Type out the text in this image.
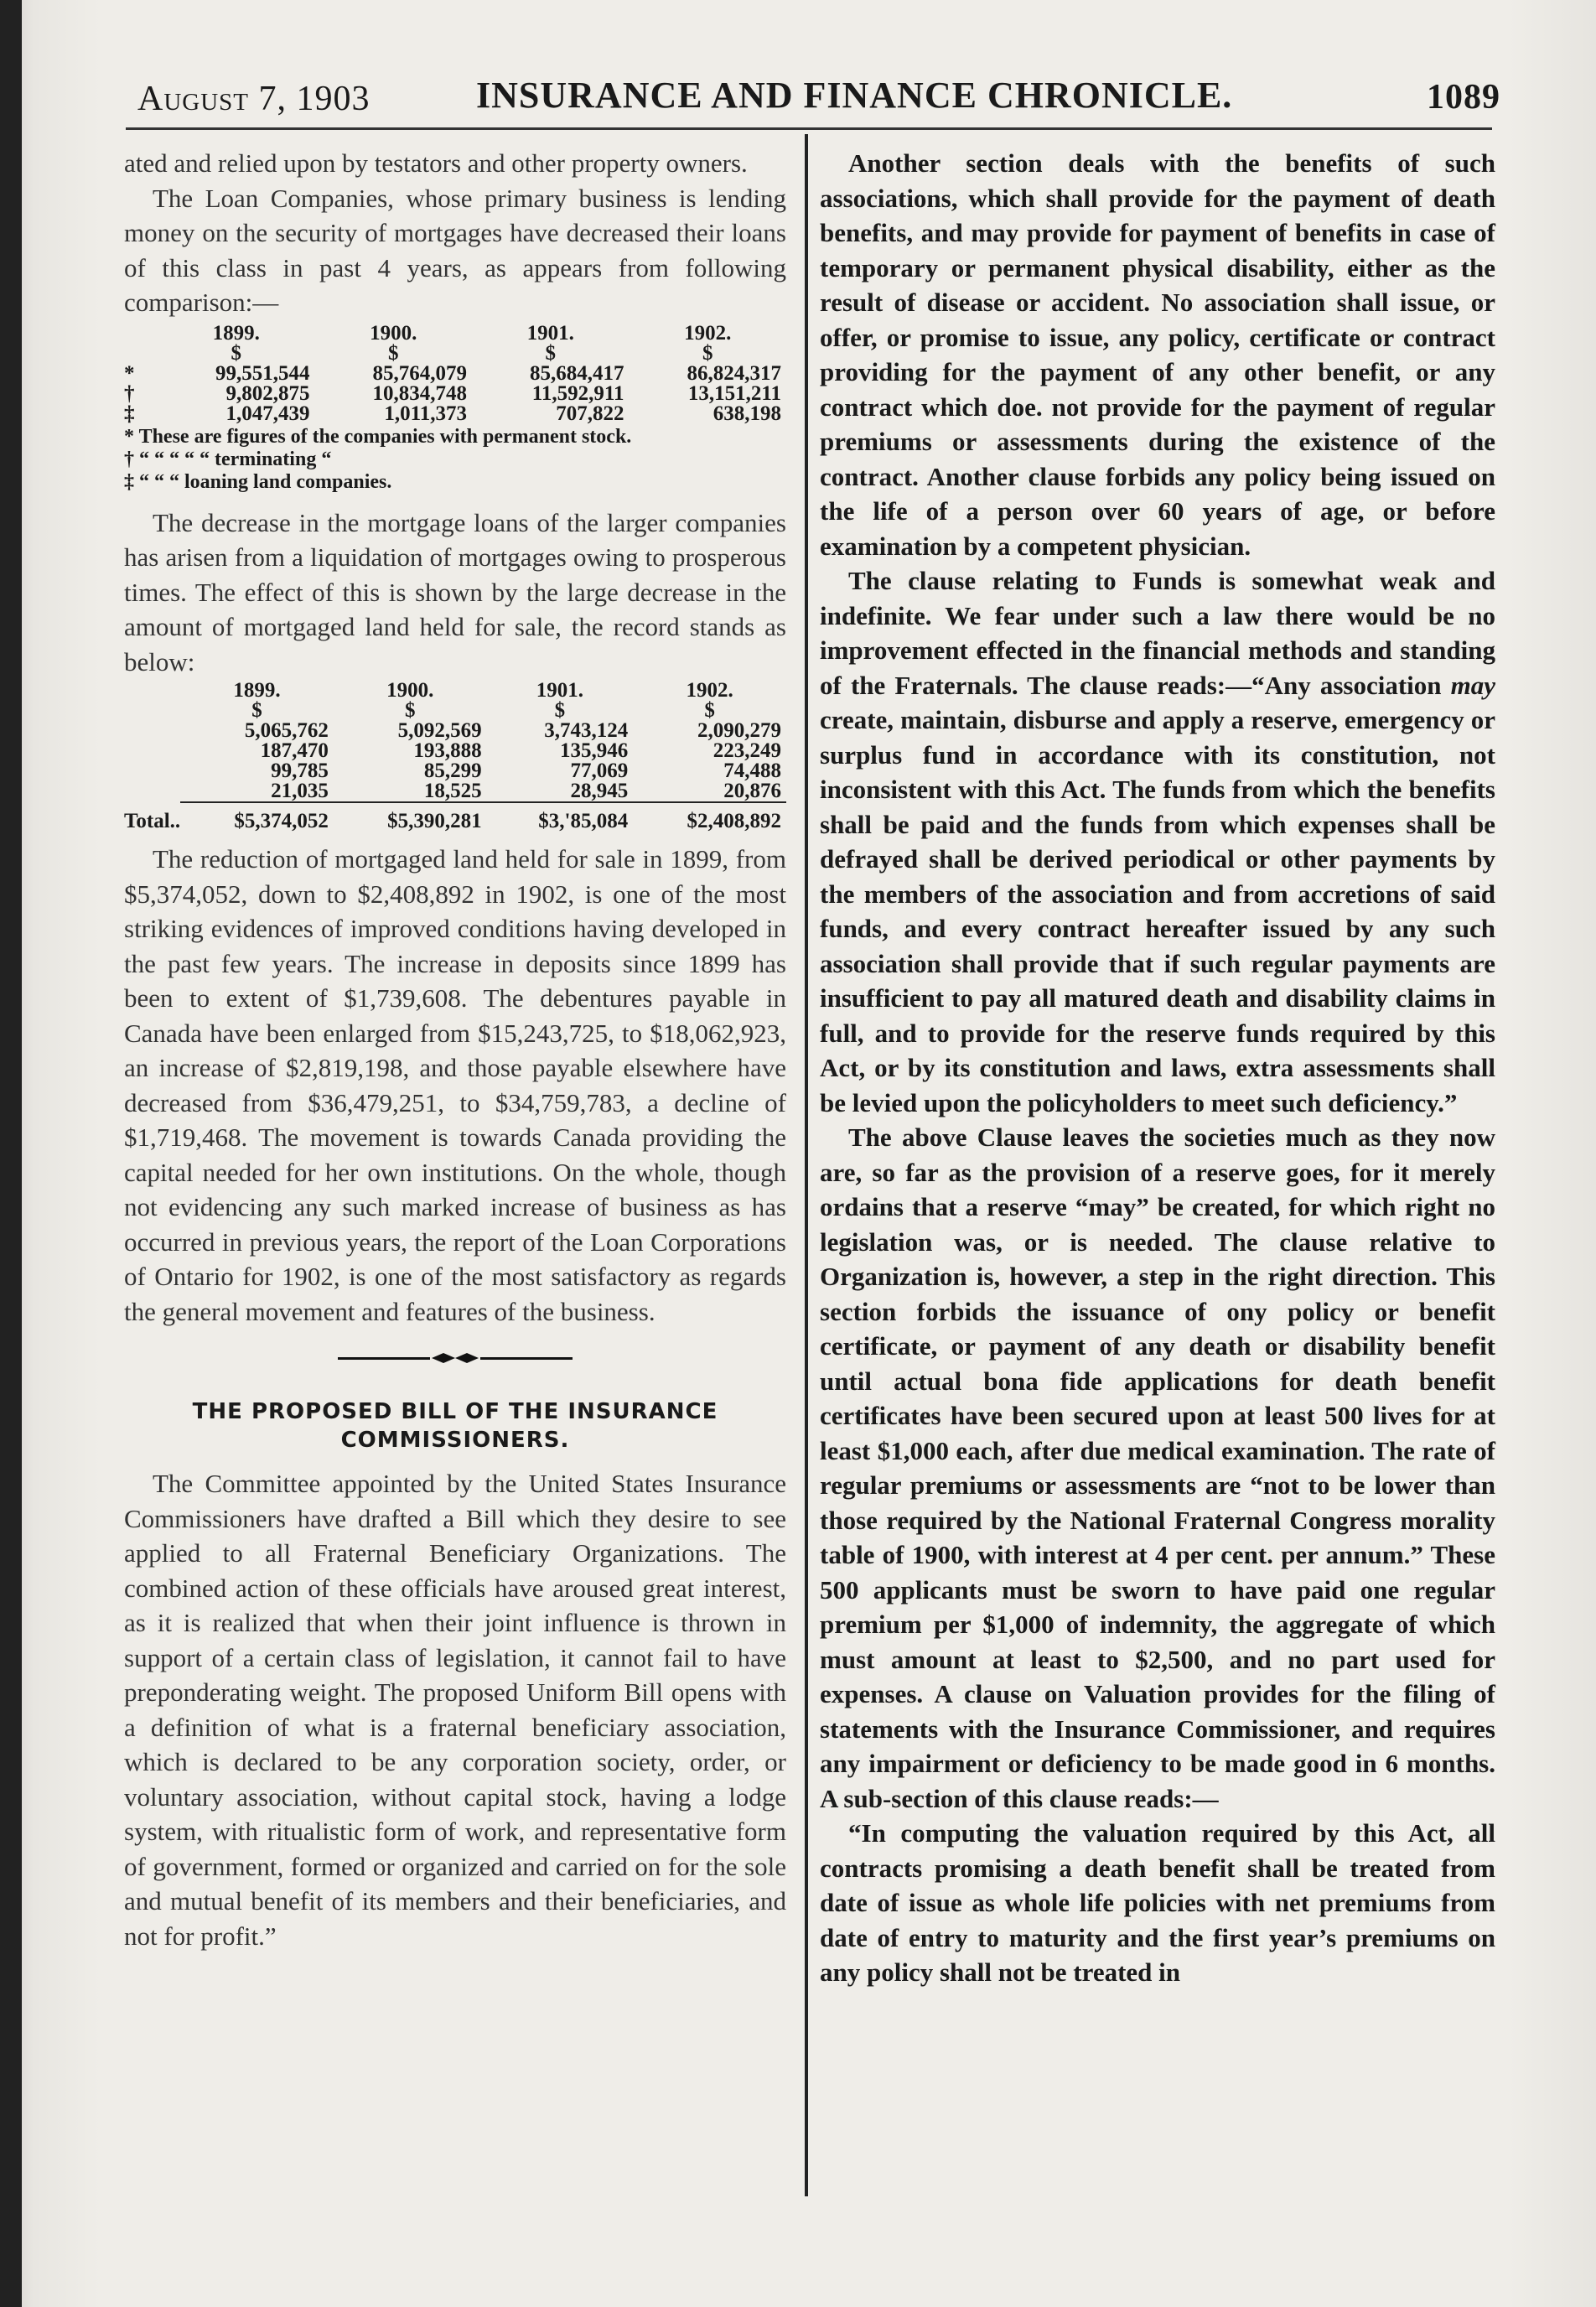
August 7, 1903	INSURANCE AND FINANCE CHRONICLE.	1089

ated and relied upon by testators and other property owners.

The Loan Companies, whose primary business is lending money on the security of mortgages have decreased their loans of this class in past 4 years, as appears from following comparison:—

	1899.	1900.	1901.	1902.
	$	$	$	$
*	99,551,544	85,764,079	85,684,417	86,824,317
†	9,802,875	10,834,748	11,592,911	13,151,211
‡	1,047,439	1,011,373	707,822	638,198
* These are figures of the companies with permanent stock.
† “ “ “ “ “ terminating “
‡ “ “ “ loaning land companies.

The decrease in the mortgage loans of the larger companies has arisen from a liquidation of mortgages owing to prosperous times. The effect of this is shown by the large decrease in the amount of mortgaged land held for sale, the record stands as below:

	1899.	1900.	1901.	1902.
	$	$	$	$
	5,065,762	5,092,569	3,743,124	2,090,279
	187,470	193,888	135,946	223,249
	99,785	85,299	77,069	74,488
	21,035	18,525	28,945	20,876
Total..	$5,374,052	$5,390,281	$3,'85,084	$2,408,892

The reduction of mortgaged land held for sale in 1899, from $5,374,052, down to $2,408,892 in 1902, is one of the most striking evidences of improved conditions having developed in the past few years. The increase in deposits since 1899 has been to extent of $1,739,608. The debentures payable in Canada have been enlarged from $15,243,725, to $18,062,923, an increase of $2,819,198, and those payable elsewhere have decreased from $36,479,251, to $34,759,783, a decline of $1,719,468. The movement is towards Canada providing the capital needed for her own institutions. On the whole, though not evidencing any such marked increase of business as has occurred in previous years, the report of the Loan Corporations of Ontario for 1902, is one of the most satisfactory as regards the general movement and features of the business.

THE PROPOSED BILL OF THE INSURANCE COMMISSIONERS.

The Committee appointed by the United States Insurance Commissioners have drafted a Bill which they desire to see applied to all Fraternal Beneficiary Organizations. The combined action of these officials have aroused great interest, as it is realized that when their joint influence is thrown in support of a certain class of legislation, it cannot fail to have preponderating weight. The proposed Uniform Bill opens with a definition of what is a fraternal beneficiary association, which is declared to be any corporation society, order, or voluntary association, without capital stock, having a lodge system, with ritualistic form of work, and representative form of government, formed or organized and carried on for the sole and mutual benefit of its members and their beneficiaries, and not for profit.”

Another section deals with the benefits of such associations, which shall provide for the payment of death benefits, and may provide for payment of benefits in case of temporary or permanent physical disability, either as the result of disease or accident. No association shall issue, or offer, or promise to issue, any policy, certificate or contract providing for the payment of any other benefit, or any contract which doe. not provide for the payment of regular premiums or assessments during the existence of the contract. Another clause forbids any policy being issued on the life of a person over 60 years of age, or before examination by a competent physician.

The clause relating to Funds is somewhat weak and indefinite. We fear under such a law there would be no improvement effected in the financial methods and standing of the Fraternals. The clause reads:—“Any association may create, maintain, disburse and apply a reserve, emergency or surplus fund in accordance with its constitution, not inconsistent with this Act. The funds from which the benefits shall be paid and the funds from which expenses shall be defrayed shall be derived periodical or other payments by the members of the association and from accretions of said funds, and every contract hereafter issued by any such association shall provide that if such regular payments are insufficient to pay all matured death and disability claims in full, and to provide for the reserve funds required by this Act, or by its constitution and laws, extra assessments shall be levied upon the policyholders to meet such deficiency.”

The above Clause leaves the societies much as they now are, so far as the provision of a reserve goes, for it merely ordains that a reserve “may” be created, for which right no legislation was, or is needed. The clause relative to Organization is, however, a step in the right direction. This section forbids the issuance of ony policy or benefit certificate, or payment of any death or disability benefit until actual bona fide applications for death benefit certificates have been secured upon at least 500 lives for at least $1,000 each, after due medical examination. The rate of regular premiums or assessments are “not to be lower than those required by the National Fraternal Congress morality table of 1900, with interest at 4 per cent. per annum.” These 500 applicants must be sworn to have paid one regular premium per $1,000 of indemnity, the aggregate of which must amount at least to $2,500, and no part used for expenses. A clause on Valuation provides for the filing of statements with the Insurance Commissioner, and requires any impairment or deficiency to be made good in 6 months. A sub-section of this clause reads:—

“In computing the valuation required by this Act, all contracts promising a death benefit shall be treated from date of issue as whole life policies with net premiums from date of entry to maturity and the first year’s premiums on any policy shall not be treated in
